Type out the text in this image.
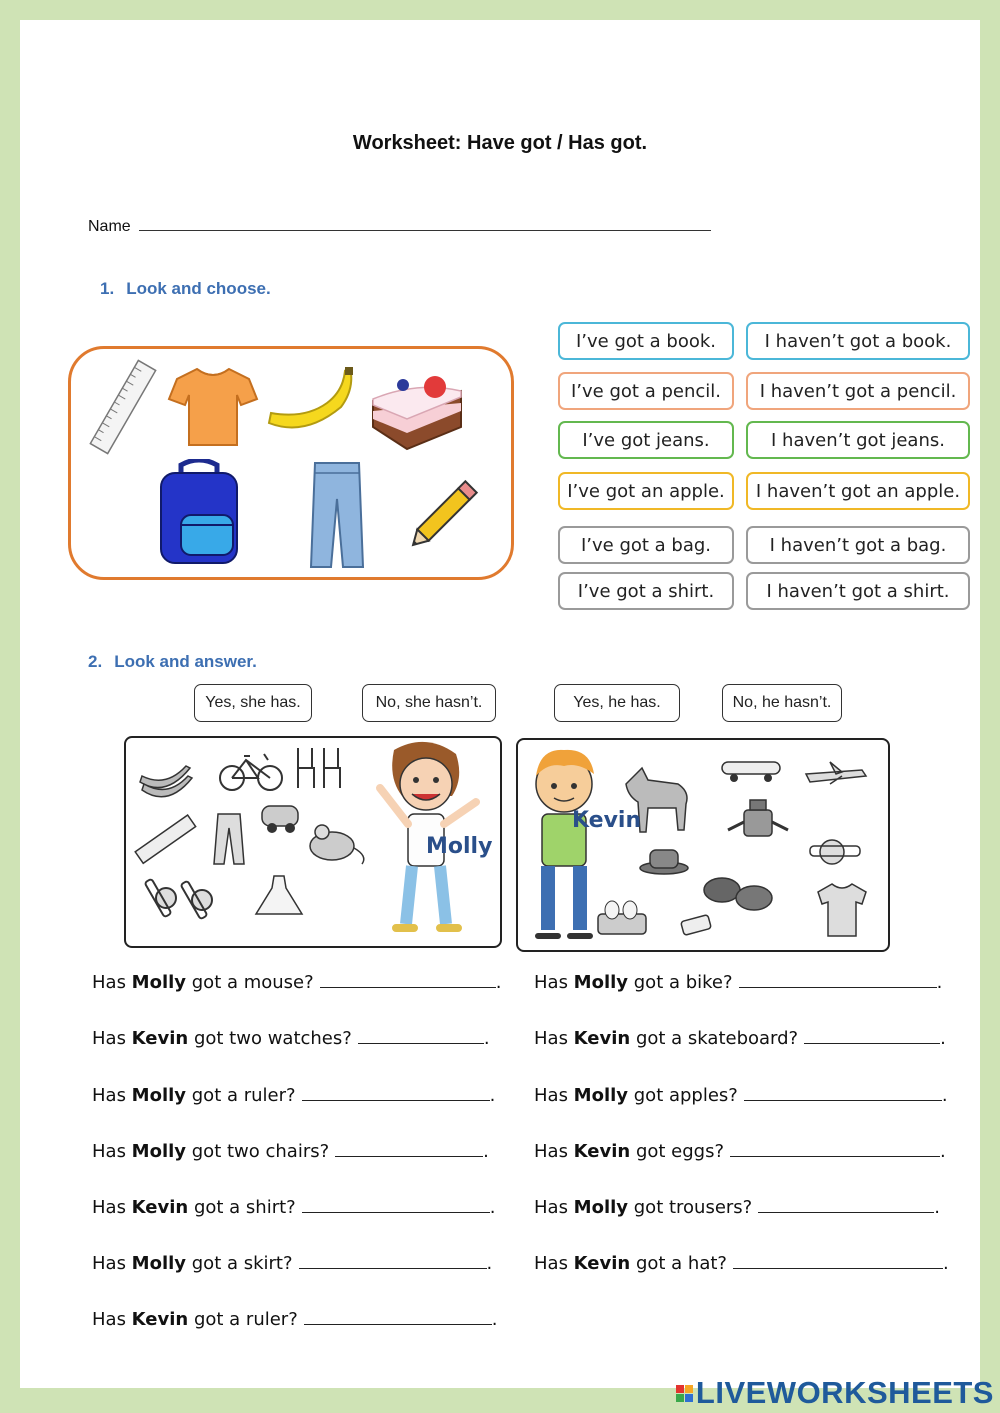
Worksheet: Have got / Has got.
Name
1. Look and choose.
I’ve got a book.	I haven’t got a book.
I’ve got a pencil.	I haven’t got a pencil.
I’ve got jeans.	I haven’t got jeans.
I’ve got an apple.	I haven’t got an apple.
I’ve got a bag.	I haven’t got a bag.
I’ve got a shirt.	I haven’t got a shirt.
2. Look and answer.
Yes, she has.	No, she hasn’t.	Yes, he has.	No, he hasn’t.
Molly
Kevin
Has Molly got a mouse?	.
Has Kevin got two watches?	.
Has Molly got a ruler?	.
Has Molly got two chairs?	.
Has Kevin got a shirt?	.
Has Molly got a skirt?	.
Has Kevin got a ruler?	.
Has Molly got a bike?	.
Has Kevin got a skateboard?	.
Has Molly got apples?	.
Has Kevin got eggs?	.
Has Molly got trousers?	.
Has Kevin got a hat?	.
LIVEWORKSHEETS
